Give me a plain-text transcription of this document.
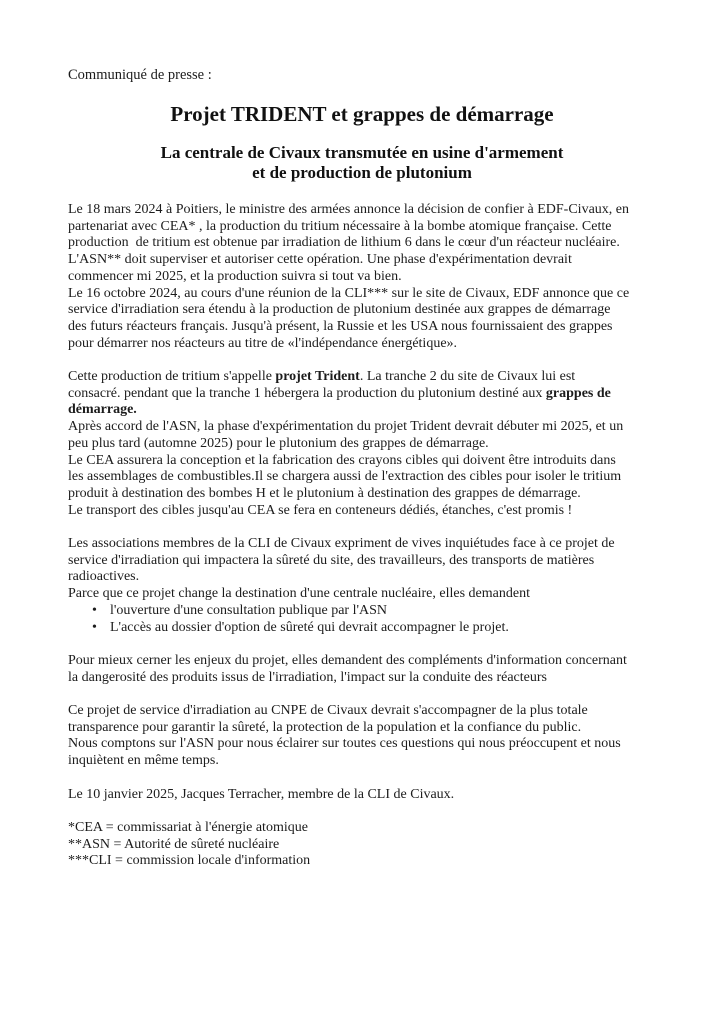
Communiqué de presse :
Projet TRIDENT et grappes de démarrage
La centrale de Civaux transmutée en usine d'armement
et de production de plutonium
Le 18 mars 2024 à Poitiers, le ministre des armées annonce la décision de confier à EDF-Civaux, en
partenariat avec CEA* , la production du tritium nécessaire à la bombe atomique française. Cette
production  de tritium est obtenue par irradiation de lithium 6 dans le cœur d'un réacteur nucléaire.
L'ASN** doit superviser et autoriser cette opération. Une phase d'expérimentation devrait
commencer mi 2025, et la production suivra si tout va bien.
Le 16 octobre 2024, au cours d'une réunion de la CLI*** sur le site de Civaux, EDF annonce que ce
service d'irradiation sera étendu à la production de plutonium destinée aux grappes de démarrage
des futurs réacteurs français. Jusqu'à présent, la Russie et les USA nous fournissaient des grappes
pour démarrer nos réacteurs au titre de «l'indépendance énergétique».
Cette production de tritium s'appelle projet Trident. La tranche 2 du site de Civaux lui est
consacré. pendant que la tranche 1 hébergera la production du plutonium destiné aux grappes de
démarrage.
Après accord de l'ASN, la phase d'expérimentation du projet Trident devrait débuter mi 2025, et un
peu plus tard (automne 2025) pour le plutonium des grappes de démarrage.
Le CEA assurera la conception et la fabrication des crayons cibles qui doivent être introduits dans
les assemblages de combustibles.Il se chargera aussi de l'extraction des cibles pour isoler le tritium
produit à destination des bombes H et le plutonium à destination des grappes de démarrage.
Le transport des cibles jusqu'au CEA se fera en conteneurs dédiés, étanches, c'est promis !
Les associations membres de la CLI de Civaux expriment de vives inquiétudes face à ce projet de
service d'irradiation qui impactera la sûreté du site, des travailleurs, des transports de matières
radioactives.
Parce que ce projet change la destination d'une centrale nucléaire, elles demandent
• l'ouverture d'une consultation publique par l'ASN
• L'accès au dossier d'option de sûreté qui devrait accompagner le projet.
Pour mieux cerner les enjeux du projet, elles demandent des compléments d'information concernant
la dangerosité des produits issus de l'irradiation, l'impact sur la conduite des réacteurs
Ce projet de service d'irradiation au CNPE de Civaux devrait s'accompagner de la plus totale
transparence pour garantir la sûreté, la protection de la population et la confiance du public.
Nous comptons sur l'ASN pour nous éclairer sur toutes ces questions qui nous préoccupent et nous
inquiètent en même temps.
Le 10 janvier 2025, Jacques Terracher, membre de la CLI de Civaux.
*CEA = commissariat à l'énergie atomique
**ASN = Autorité de sûreté nucléaire
***CLI = commission locale d'information
